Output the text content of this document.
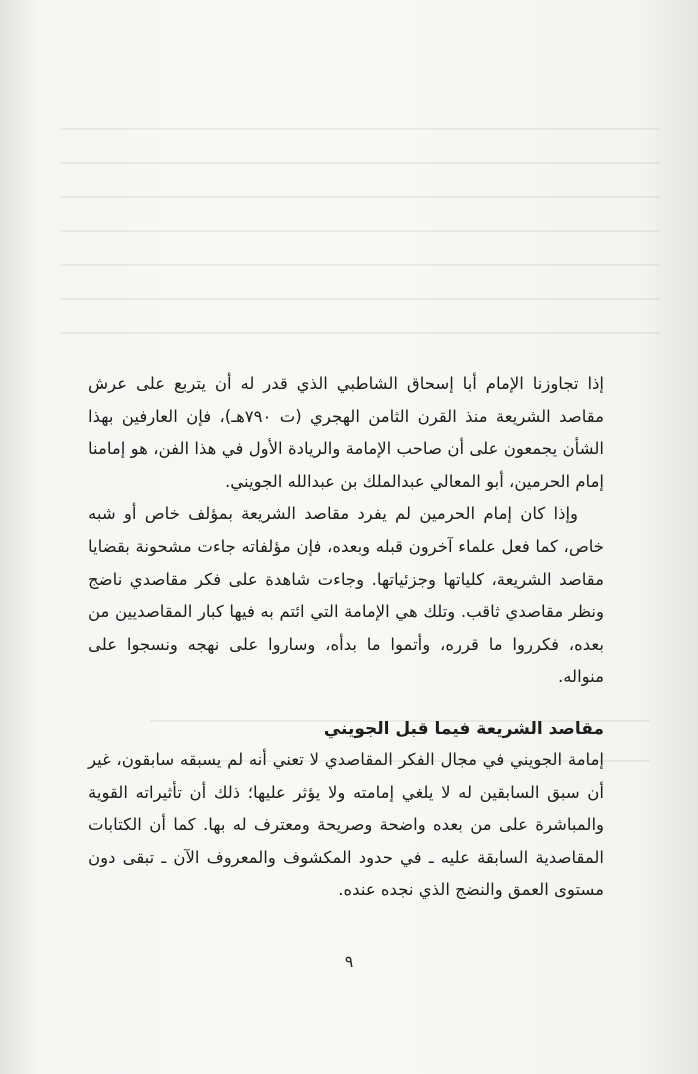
إذا تجاوزنا الإمام أبا إسحاق الشاطبي الذي قدر له أن يتربع على عرش مقاصد الشريعة منذ القرن الثامن الهجري (ت ٧٩٠هـ)، فإن العارفين بهذا الشأن يجمعون على أن صاحب الإمامة والريادة الأول في هذا الفن، هو إمامنا إمام الحرمين، أبو المعالي عبدالملك بن عبدالله الجويني.

وإذا كان إمام الحرمين لم يفرد مقاصد الشريعة بمؤلف خاص أو شبه خاص، كما فعل علماء آخرون قبله وبعده، فإن مؤلفاته جاءت مشحونة بقضايا مقاصد الشريعة، كلياتها وجزئياتها. وجاءت شاهدة على فكر مقاصدي ناضج ونظر مقاصدي ثاقب. وتلك هي الإمامة التي ائتم به فيها كبار المقاصديين من بعده، فكرروا ما قرره، وأتموا ما بدأه، وساروا على نهجه ونسجوا على منواله.

مقاصد الشريعة فيما قبل الجويني

إمامة الجويني في مجال الفكر المقاصدي لا تعني أنه لم يسبقه سابقون، غير أن سبق السابقين له لا يلغي إمامته ولا يؤثر عليها؛ ذلك أن تأثيراته القوية والمباشرة على من بعده واضحة وصريحة ومعترف له بها. كما أن الكتابات المقاصدية السابقة عليه ـ في حدود المكشوف والمعروف الآن ـ تبقى دون مستوى العمق والنضج الذي نجده عنده.

٩
